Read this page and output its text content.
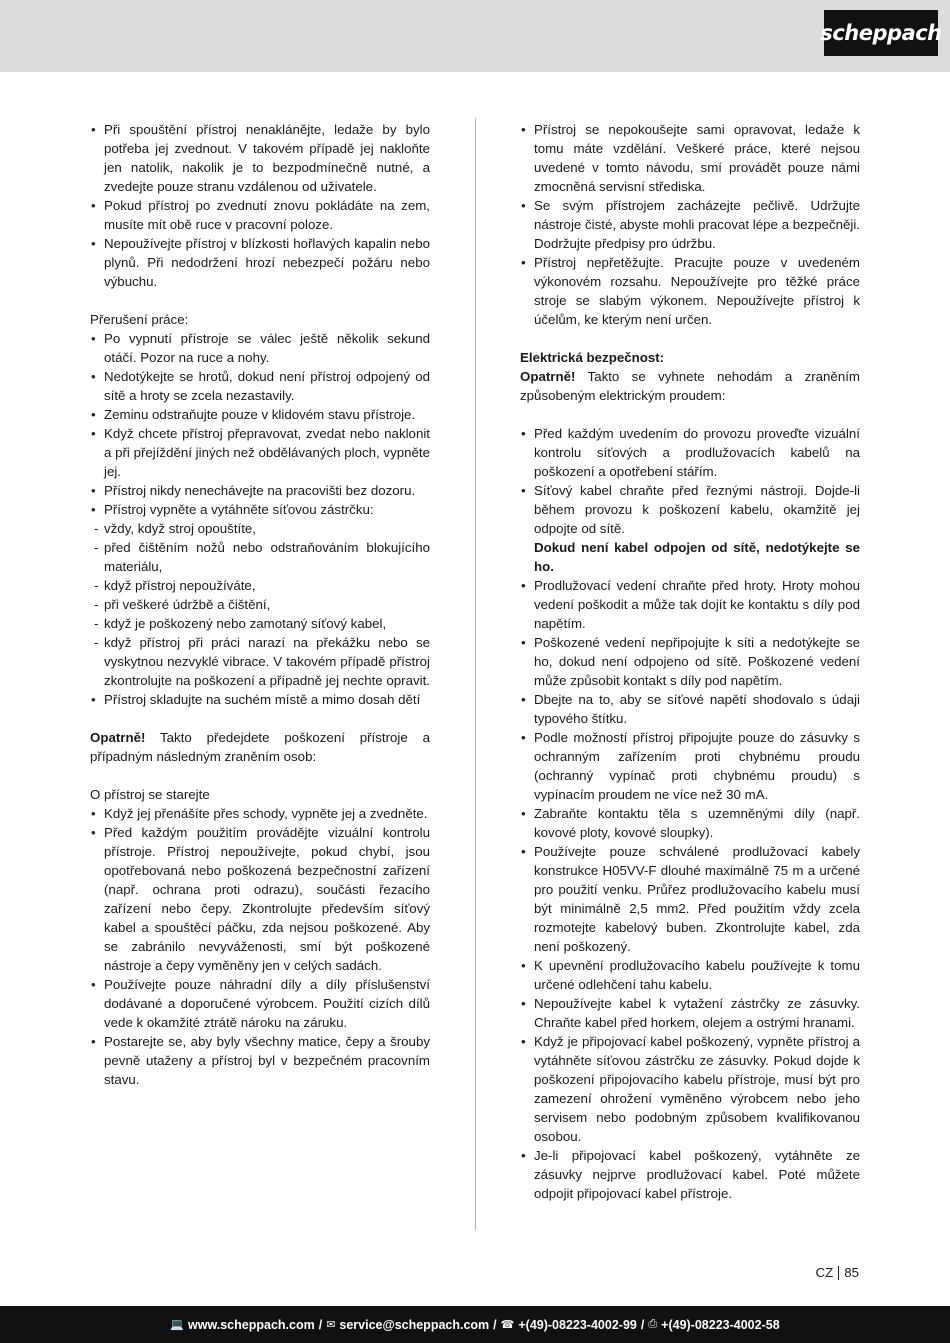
scheppach
• Při spouštění přístroj nenaklánějte, ledaže by bylo potřeba jej zvednout. V takovém případě jej nakloňte jen natolik, nakolik je to bezpodmínečně nutné, a zvedejte pouze stranu vzdálenou od uživatele.
• Pokud přístroj po zvednutí znovu pokládáte na zem, musíte mít obě ruce v pracovní poloze.
• Nepoužívejte přístroj v blízkosti hořlavých kapalin nebo plynů. Při nedodržení hrozí nebezpečí požáru nebo výbuchu.
Přerušení práce:
• Po vypnutí přístroje se válec ještě několik sekund otáčí. Pozor na ruce a nohy.
• Nedotýkejte se hrotů, dokud není přístroj odpojený od sítě a hroty se zcela nezastavily.
• Zeminu odstraňujte pouze v klidovém stavu přístroje.
• Když chcete přístroj přepravovat, zvedat nebo naklonit a při přejíždění jiných než obdělávaných ploch, vypněte jej.
• Přístroj nikdy nenechávejte na pracovišti bez dozoru.
• Přístroj vypněte a vytáhněte síťovou zástrčku:
- vždy, když stroj opouštíte,
- před čištěním nožů nebo odstraňováním blokujícího materiálu,
- když přístroj nepoužíváte,
- při veškeré údržbě a čištění,
- když je poškozený nebo zamotaný síťový kabel,
- když přístroj při práci narazí na překážku nebo se vyskytnou nezvyklé vibrace. V takovém případě přístroj zkontrolujte na poškození a případně jej nechte opravit.
• Přístroj skladujte na suchém místě a mimo dosah dětí
Opatrně! Takto předejdete poškození přístroje a případným následným zraněním osob:
O přístroj se starejte
• Když jej přenášíte přes schody, vypněte jej a zvedněte.
• Před každým použitím provádějte vizuální kontrolu přístroje. Přístroj nepoužívejte, pokud chybí, jsou opotřebovaná nebo poškozená bezpečnostní zařízení (např. ochrana proti odrazu), součásti řezacího zařízení nebo čepy. Zkontrolujte především síťový kabel a spouštěcí páčku, zda nejsou poškozené. Aby se zabránilo nevyváženosti, smí být poškozené nástroje a čepy vyměněny jen v celých sadách.
• Používejte pouze náhradní díly a díly příslušenství dodávané a doporučené výrobcem. Použití cizích dílů vede k okamžité ztrátě nároku na záruku.
• Postarejte se, aby byly všechny matice, čepy a šrouby pevně utaženy a přístroj byl v bezpečném pracovním stavu.
• Přístroj se nepokoušejte sami opravovat, ledaže k tomu máte vzdělání. Veškeré práce, které nejsou uvedené v tomto návodu, smí provádět pouze námi zmocněná servisní střediska.
• Se svým přístrojem zacházejte pečlivě. Udržujte nástroje čisté, abyste mohli pracovat lépe a bezpečněji. Dodržujte předpisy pro údržbu.
• Přístroj nepřetěžujte. Pracujte pouze v uvedeném výkonovém rozsahu. Nepoužívejte pro těžké práce stroje se slabým výkonem. Nepoužívejte přístroj k účelům, ke kterým není určen.
Elektrická bezpečnost:
Opatrně! Takto se vyhnete nehodám a zraněním způsobeným elektrickým proudem:
• Před každým uvedením do provozu proveďte vizuální kontrolu síťových a prodlužovacích kabelů na poškození a opotřebení stářím.
• Síťový kabel chraňte před řeznými nástroji. Dojde-li během provozu k poškození kabelu, okamžitě jej odpojte od sítě.
Dokud není kabel odpojen od sítě, nedotýkejte se ho.
• Prodlužovací vedení chraňte před hroty. Hroty mohou vedení poškodit a může tak dojít ke kontaktu s díly pod napětím.
• Poškozené vedení nepřipojujte k síti a nedotýkejte se ho, dokud není odpojeno od sítě. Poškozené vedení může způsobit kontakt s díly pod napětím.
• Dbejte na to, aby se síťové napětí shodovalo s údaji typového štítku.
• Podle možností přístroj připojujte pouze do zásuvky s ochranným zařízením proti chybnému proudu (ochranný vypínač proti chybnému proudu) s vypínacím proudem ne více než 30 mA.
• Zabraňte kontaktu těla s uzemněnými díly (např. kovové ploty, kovové sloupky).
• Používejte pouze schválené prodlužovací kabely konstrukce H05VV-F dlouhé maximálně 75 m a určené pro použití venku. Průřez prodlužovacího kabelu musí být minimálně 2,5 mm2. Před použitím vždy zcela rozmotejte kabelový buben. Zkontrolujte kabel, zda není poškozený.
• K upevnění prodlužovacího kabelu používejte k tomu určené odlehčení tahu kabelu.
• Nepoužívejte kabel k vytažení zástrčky ze zásuvky. Chraňte kabel před horkem, olejem a ostrými hranami.
• Když je připojovací kabel poškozený, vypněte přístroj a vytáhněte síťovou zástrčku ze zásuvky. Pokud dojde k poškození připojovacího kabelu přístroje, musí být pro zamezení ohrožení vyměněno výrobcem nebo jeho servisem nebo podobným způsobem kvalifikovanou osobou.
• Je-li připojovací kabel poškozený, vytáhněte ze zásuvky nejprve prodlužovací kabel. Poté můžete odpojit připojovací kabel přístroje.
CZ 85
💻 www.scheppach.com / ✉ service@scheppach.com / ☎ +(49)-08223-4002-99 / ⎙ +(49)-08223-4002-58
